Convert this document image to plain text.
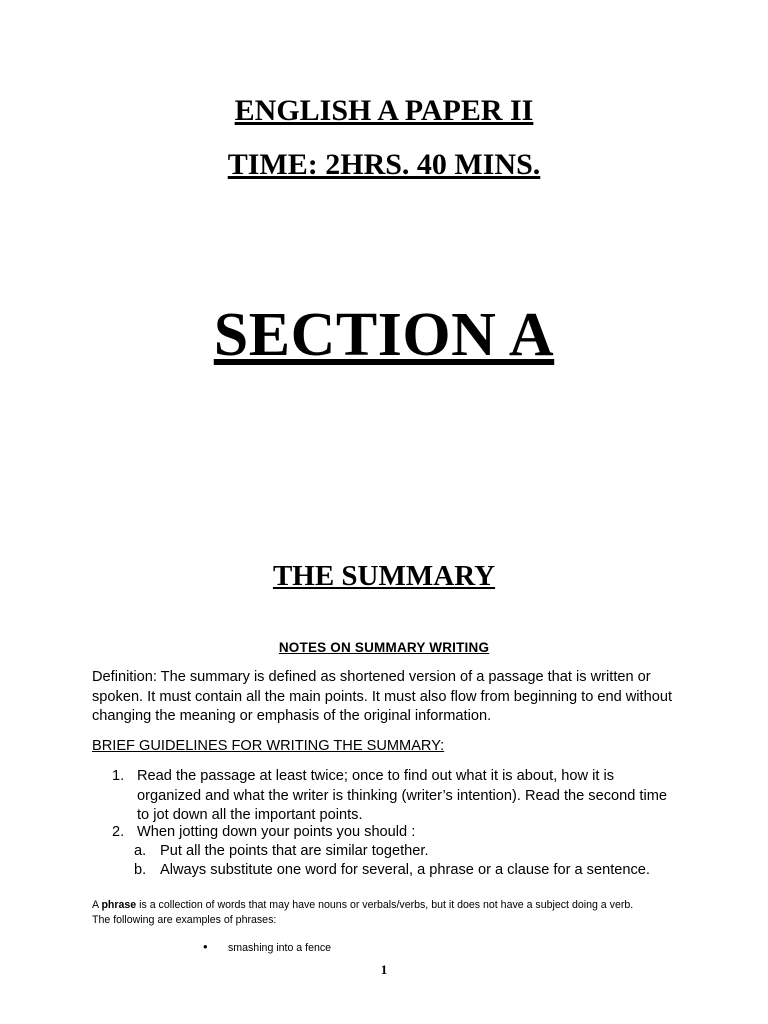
ENGLISH A PAPER II
TIME: 2HRS. 40 MINS.
SECTION A
THE SUMMARY
NOTES ON SUMMARY WRITING
Definition: The summary is defined as shortened version of a passage that is written or spoken. It must contain all the main points. It must also flow from beginning to end without changing the meaning or emphasis of the original information.
BRIEF GUIDELINES FOR WRITING THE SUMMARY:
1. Read the passage at least twice; once to find out what it is about, how it is organized and what the writer is thinking (writer’s intention). Read the second time to jot down all the important points.
2. When jotting down your points you should :
a. Put all the points that are similar together.
b. Always substitute one word for several, a phrase or a clause for a sentence.
A phrase is a collection of words that may have nouns or verbals/verbs, but it does not have a subject doing a verb. The following are examples of phrases:
• smashing into a fence
1
